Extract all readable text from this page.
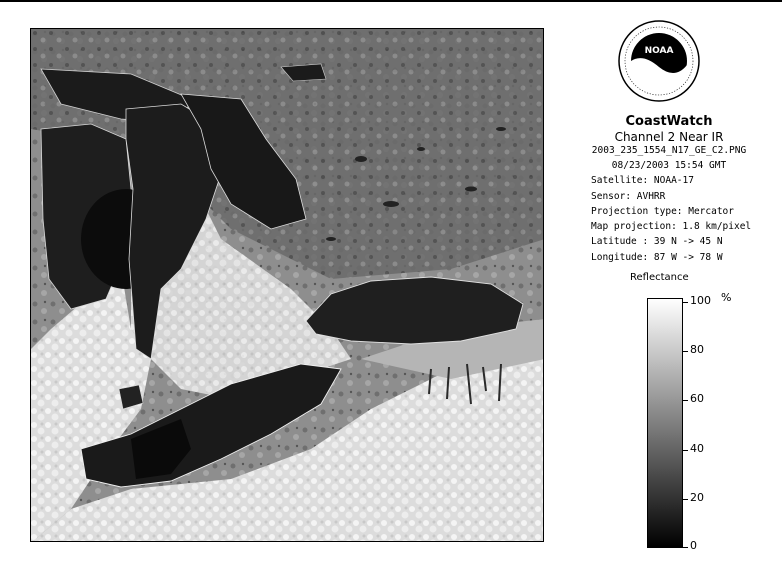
NOAA
CoastWatch
Channel 2 Near IR
2003_235_1554_N17_GE_C2.PNG
08/23/2003 15:54 GMT
Satellite: NOAA-17
Sensor: AVHRR
Projection type: Mercator
Map projection: 1.8 km/pixel
Latitude : 39 N -> 45 N
Longitude: 87 W -> 78 W
Reflectance
%
100
80
60
40
20
0
